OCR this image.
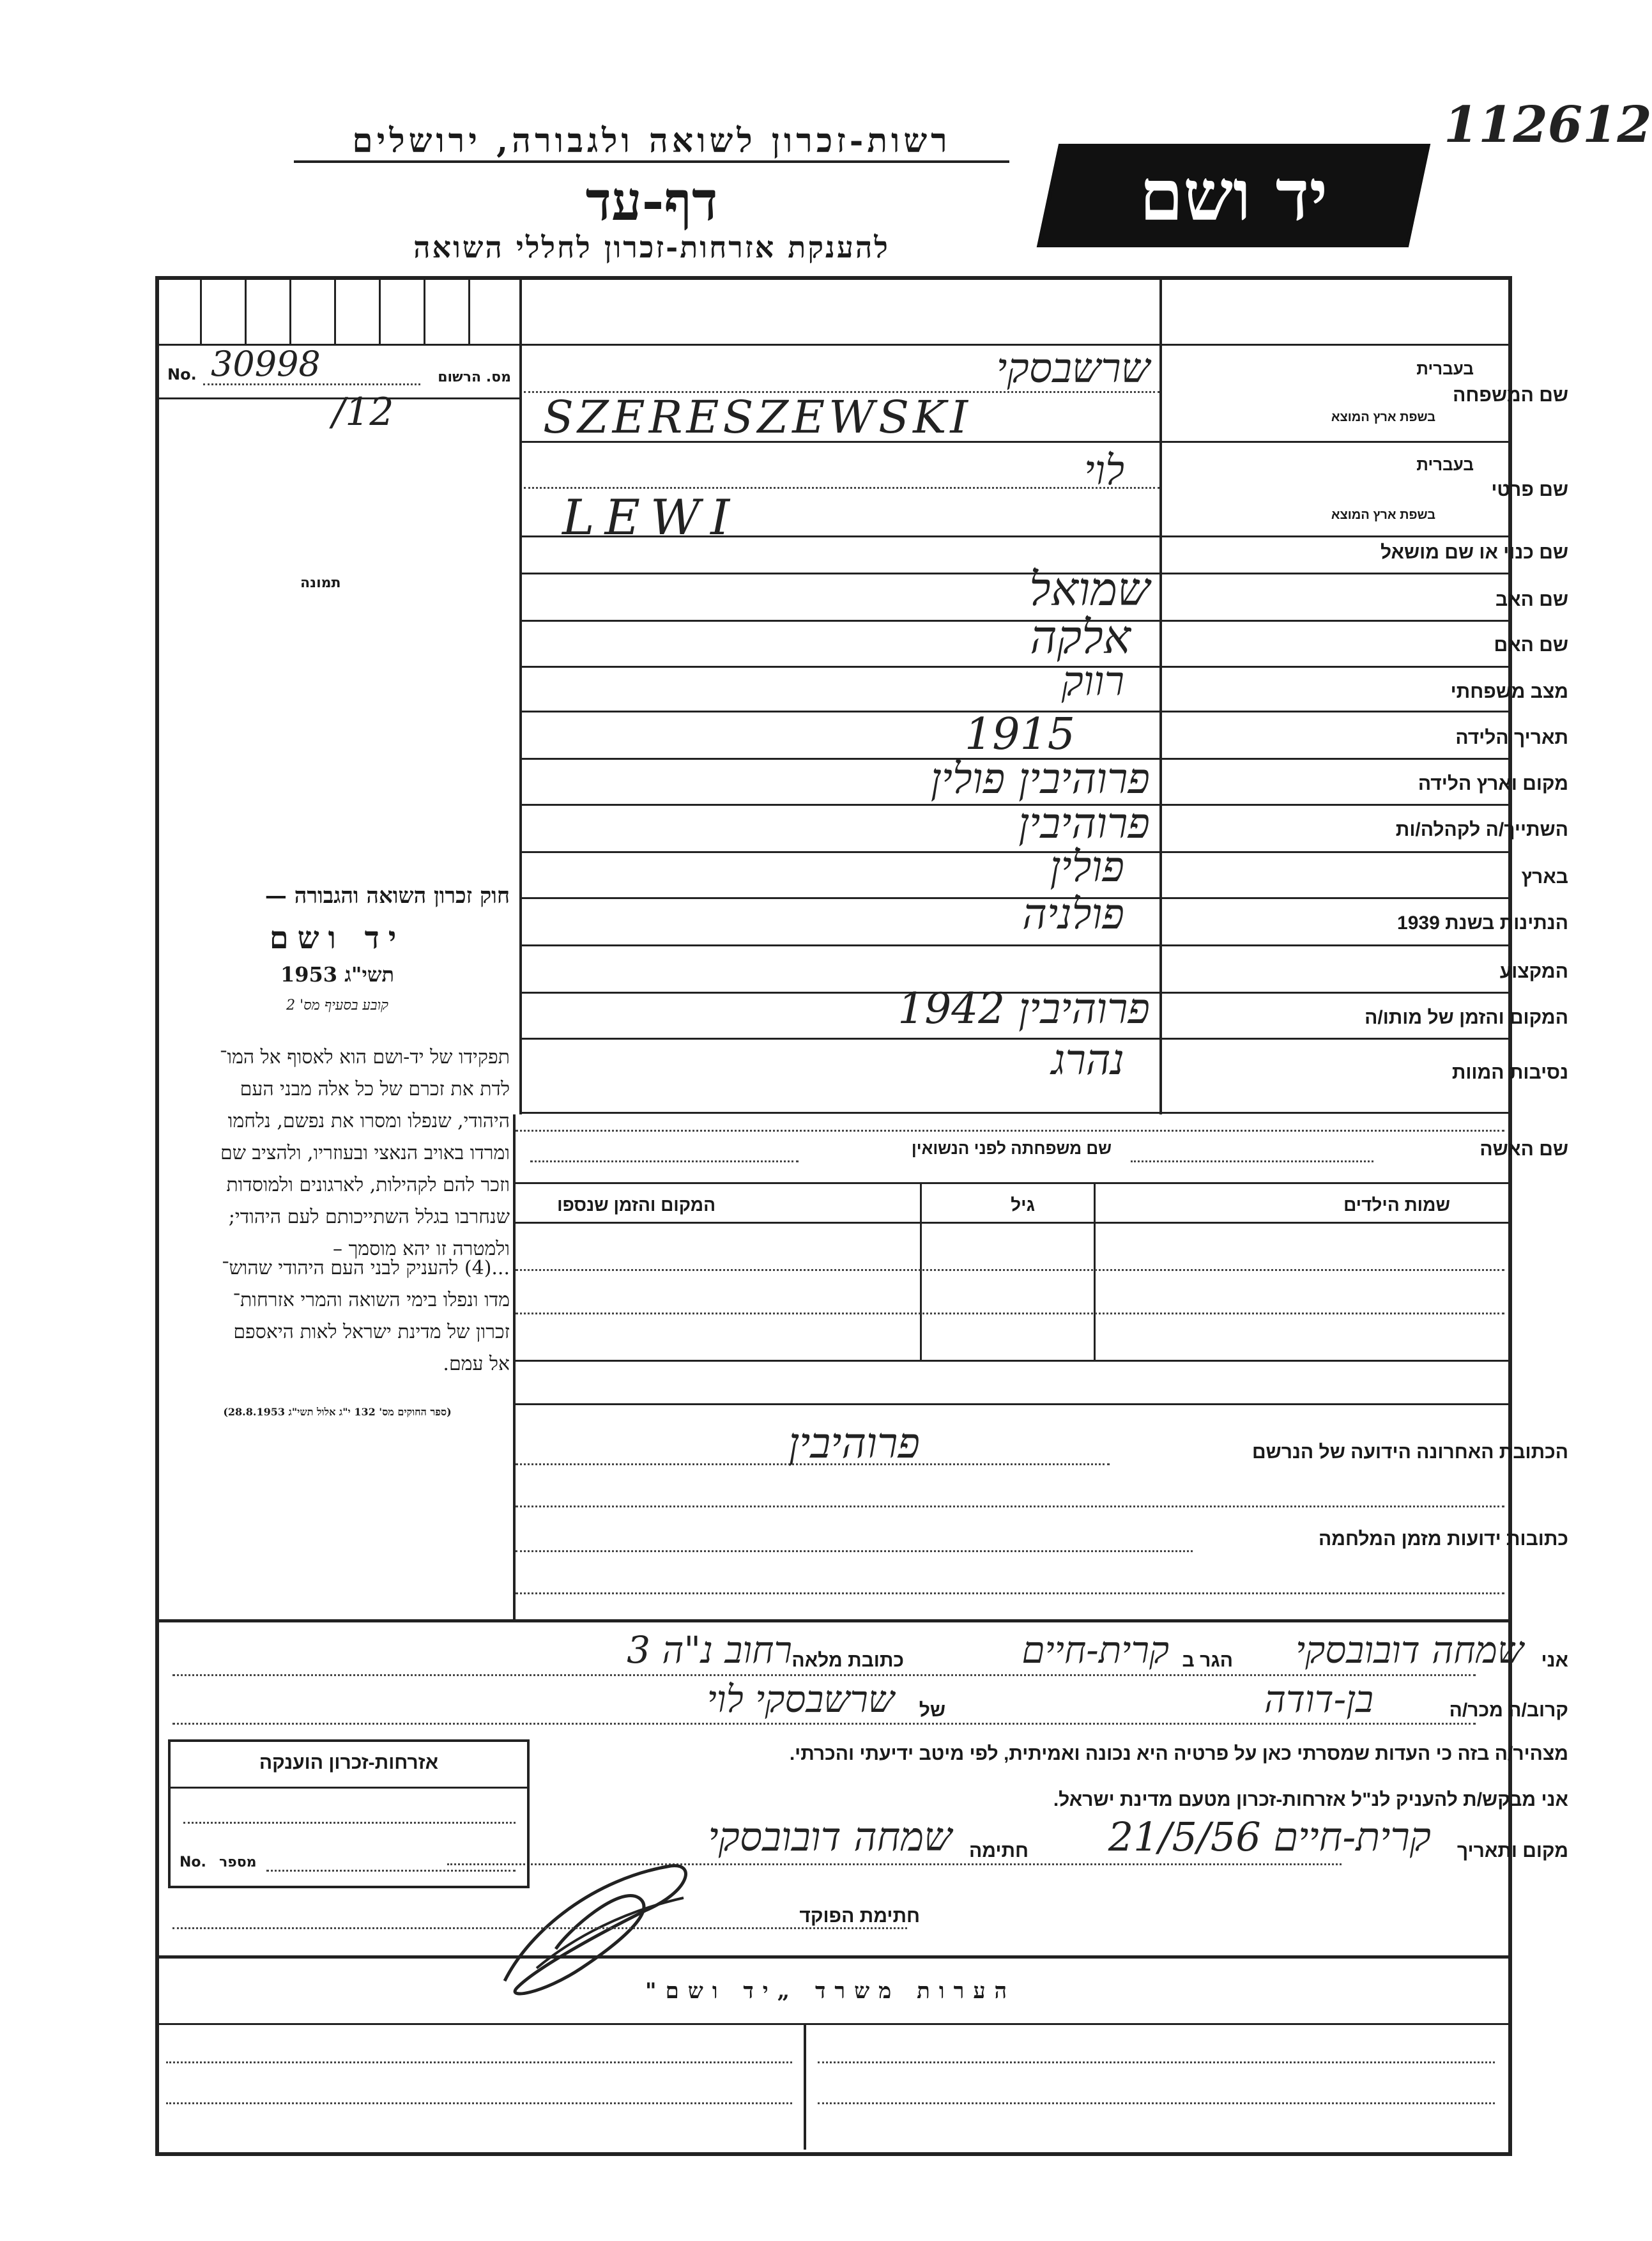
112612
רשות-זכרון לשואה ולגבורה, ירושלים
דף-עד
להענקת אזרחות-זכרון לחללי השואה
יד ושם
No. 30998	מס. הרשום
/12
תמונה
בעברית
שם המשפחה
בשפת ארץ המוצא
שרשבסקי
SZERESZEWSKI
בעברית
שם פרטי
בשפת ארץ המוצא
לוי
LEWI
שם כנוי או שם מושאל
שם האב
שמואל
שם האם
אלקה
מצב משפחתי
רווק
תאריך הלידה
1915
מקום וארץ הלידה
פרוהיבין פולין
השתייך/ה לקהלה/ות
פרוהיבין
בארץ
פולין
הנתינות בשנת 1939
פולניה
המקצוע
המקום והזמן של מותו/ה
פרוהיבין 1942
נסיבות המוות
נהרג
חוק זכרון השואה והגבורה —
יד ושם
תשי"ג 1953
קובע בסעיף מס' 2
תפקידו של יד-ושם הוא לאסוף אל המו־
לדת את זכרם של כל אלה מבני העם
היהודי, שנפלו ומסרו את נפשם, נלחמו
ומרדו באויב הנאצי ובעוזריו, ולהציב שם
וזכר להם לקהילות, לארגונים ולמוסדות
שנחרבו בגלל השתייכותם לעם היהודי;
ולמטרה זו יהא מוסמך –
...(4) להעניק לבני העם היהודי שהוש־
מדו ונפלו בימי השואה והמרי אזרחות־
זכרון של מדינת ישראל לאות היאספם
אל עמם.
(ספר החוקים מס' 132 י"ג אלול תשי"ג 28.8.1953)
שם האשה
שם משפחתה לפני הנשואין
שמות הילדים
גיל
המקום והזמן שנספו
הכתובת האחרונה הידועה של הנרשם
פרוהיבין
כתובות ידועות מזמן המלחמה
אני
שמחה דובובסקי
הגר ב
קרית-חיים
כתובת מלאה
רחוב נ"ה 3
קרוב/ה מכר/ה
בן-דודה
של
שרשבסקי לוי
מצהיר/ה בזה כי העדות שמסרתי כאן על פרטיה היא נכונה ואמיתית, לפי מיטב ידיעתי והכרתי.
אני מבקש/ת להעניק לנ"ל אזרחות-זכרון מטעם מדינת ישראל.
מקום ותאריך
קרית-חיים 21/5/56
חתימה
שמחה דובובסקי
חתימת הפוקד
אזרחות-זכרון הוענקה
No. מספר
הערות משרד „יד ושם"
